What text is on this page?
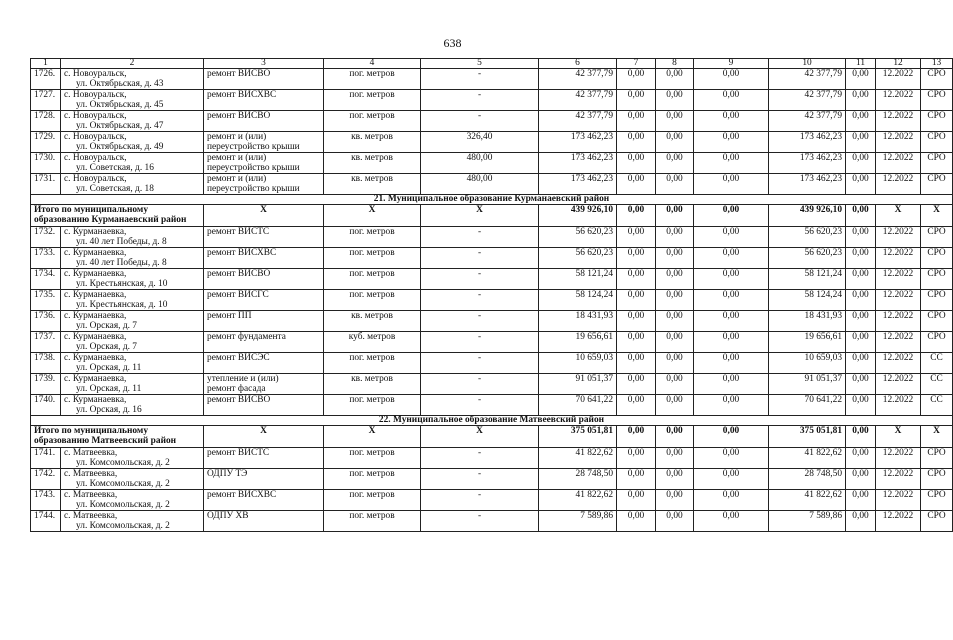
638
1	2	3	4	5	6	7	8	9	10	11	12	13
1726.	с. Новоуральск,
ул. Октябрьская, д. 43	ремонт ВИСВО	пог. метров	-	42 377,79	0,00	0,00	0,00	42 377,79	0,00	12.2022	СРО
1727.	с. Новоуральск,
ул. Октябрьская, д. 45	ремонт ВИСХВС	пог. метров	-	42 377,79	0,00	0,00	0,00	42 377,79	0,00	12.2022	СРО
1728.	с. Новоуральск,
ул. Октябрьская, д. 47	ремонт ВИСВО	пог. метров	-	42 377,79	0,00	0,00	0,00	42 377,79	0,00	12.2022	СРО
1729.	с. Новоуральск,
ул. Октябрьская, д. 49	ремонт и (или)
переустройство крыши	кв. метров	326,40	173 462,23	0,00	0,00	0,00	173 462,23	0,00	12.2022	СРО
1730.	с. Новоуральск,
ул. Советская, д. 16	ремонт и (или)
переустройство крыши	кв. метров	480,00	173 462,23	0,00	0,00	0,00	173 462,23	0,00	12.2022	СРО
1731.	с. Новоуральск,
ул. Советская, д. 18	ремонт и (или)
переустройство крыши	кв. метров	480,00	173 462,23	0,00	0,00	0,00	173 462,23	0,00	12.2022	СРО
21. Муниципальное образование Курманаевский район												

Итого по муниципальному
образованию Курманаевский район		X	X	X	439 926,10	0,00	0,00	0,00	439 926,10	0,00	X	X
1732.	с. Курманаевка,
ул. 40 лет Победы, д. 8	ремонт ВИСТС	пог. метров	-	56 620,23	0,00	0,00	0,00	56 620,23	0,00	12.2022	СРО
1733.	с. Курманаевка,
ул. 40 лет Победы, д. 8	ремонт ВИСХВС	пог. метров	-	56 620,23	0,00	0,00	0,00	56 620,23	0,00	12.2022	СРО
1734.	с. Курманаевка,
ул. Крестьянская, д. 10	ремонт ВИСВО	пог. метров	-	58 121,24	0,00	0,00	0,00	58 121,24	0,00	12.2022	СРО
1735.	с. Курманаевка,
ул. Крестьянская, д. 10	ремонт ВИСГС	пог. метров	-	58 124,24	0,00	0,00	0,00	58 124,24	0,00	12.2022	СРО
1736.	с. Курманаевка,
ул. Орская, д. 7	ремонт ПП	кв. метров	-	18 431,93	0,00	0,00	0,00	18 431,93	0,00	12.2022	СРО
1737.	с. Курманаевка,
ул. Орская, д. 7	ремонт фундамента	куб. метров	-	19 656,61	0,00	0,00	0,00	19 656,61	0,00	12.2022	СРО
1738.	с. Курманаевка,
ул. Орская, д. 11	ремонт ВИСЭС	пог. метров	-	10 659,03	0,00	0,00	0,00	10 659,03	0,00	12.2022	СС
1739.	с. Курманаевка,
ул. Орская, д. 11	утепление и (или)
ремонт фасада	кв. метров	-	91 051,37	0,00	0,00	0,00	91 051,37	0,00	12.2022	СС
1740.	с. Курманаевка,
ул. Орская, д. 16	ремонт ВИСВО	пог. метров	-	70 641,22	0,00	0,00	0,00	70 641,22	0,00	12.2022	СС
22. Муниципальное образование Матвеевский район												

Итого по муниципальному
образованию Матвеевский район		X	X	X	375 051,81	0,00	0,00	0,00	375 051,81	0,00	X	X
1741.	с. Матвеевка,
ул. Комсомольская, д. 2	ремонт ВИСТС	пог. метров	-	41 822,62	0,00	0,00	0,00	41 822,62	0,00	12.2022	СРО
1742.	с. Матвеевка,
ул. Комсомольская, д. 2	ОДПУ ТЭ	пог. метров	-	28 748,50	0,00	0,00	0,00	28 748,50	0,00	12.2022	СРО
1743.	с. Матвеевка,
ул. Комсомольская, д. 2	ремонт ВИСХВС	пог. метров	-	41 822,62	0,00	0,00	0,00	41 822,62	0,00	12.2022	СРО
1744.	с. Матвеевка,
ул. Комсомольская, д. 2	ОДПУ ХВ	пог. метров	-	7 589,86	0,00	0,00	0,00	7 589,86	0,00	12.2022	СРО
